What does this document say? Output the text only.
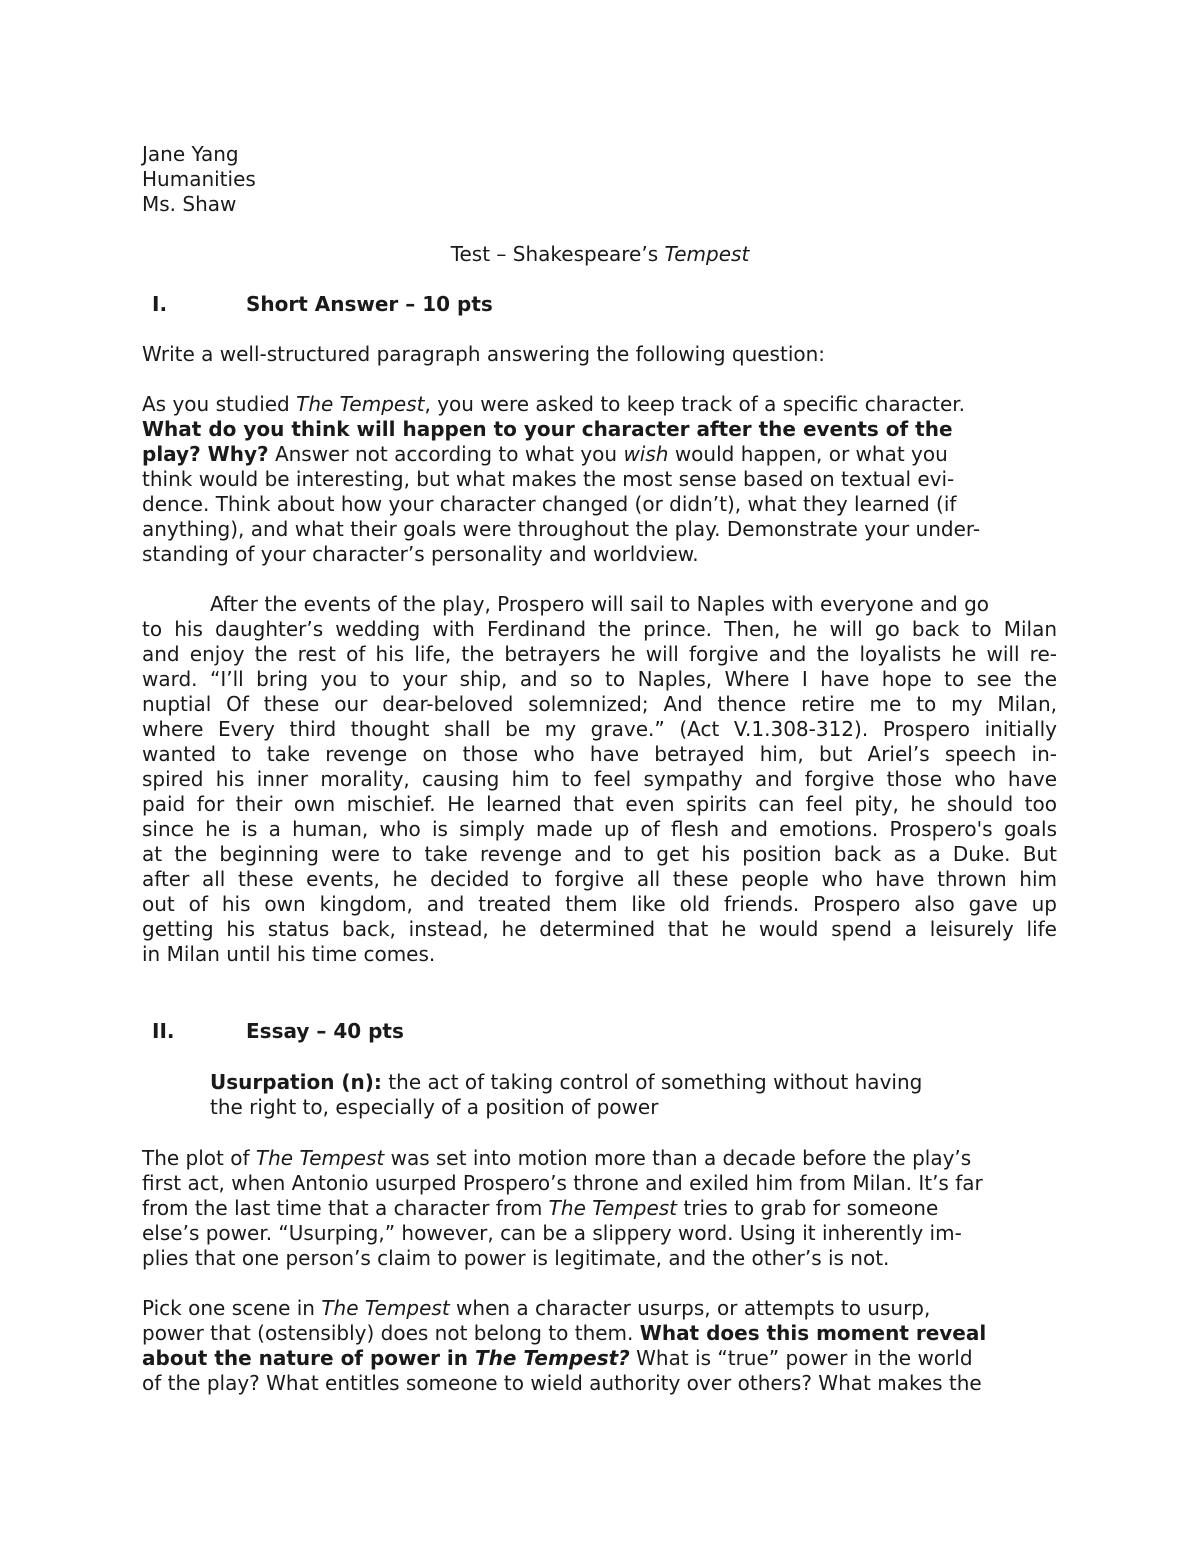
Jane Yang
Humanities
Ms. Shaw
Test – Shakespeare’s Tempest
I.	Short Answer – 10 pts
Write a well-structured paragraph answering the following question:
As you studied The Tempest, you were asked to keep track of a specific character.
What do you think will happen to your character after the events of the
play? Why? Answer not according to what you wish would happen, or what you
think would be interesting, but what makes the most sense based on textual evi-
dence. Think about how your character changed (or didn’t), what they learned (if
anything), and what their goals were throughout the play. Demonstrate your under-
standing of your character’s personality and worldview.
After the events of the play, Prospero will sail to Naples with everyone and go
to his daughter’s wedding with Ferdinand the prince. Then, he will go back to Milan
and enjoy the rest of his life, the betrayers he will forgive and the loyalists he will re-
ward. “I’ll bring you to your ship, and so to Naples, Where I have hope to see the
nuptial Of these our dear-beloved solemnized; And thence retire me to my Milan,
where Every third thought shall be my grave.” (Act V.1.308-312). Prospero initially
wanted to take revenge on those who have betrayed him, but Ariel’s speech in-
spired his inner morality, causing him to feel sympathy and forgive those who have
paid for their own mischief. He learned that even spirits can feel pity, he should too
since he is a human, who is simply made up of flesh and emotions. Prospero's goals
at the beginning were to take revenge and to get his position back as a Duke. But
after all these events, he decided to forgive all these people who have thrown him
out of his own kingdom, and treated them like old friends. Prospero also gave up
getting his status back, instead, he determined that he would spend a leisurely life
in Milan until his time comes.
II.	Essay – 40 pts
Usurpation (n): the act of taking control of something without having
the right to, especially of a position of power
The plot of The Tempest was set into motion more than a decade before the play’s
first act, when Antonio usurped Prospero’s throne and exiled him from Milan. It’s far
from the last time that a character from The Tempest tries to grab for someone
else’s power. “Usurping,” however, can be a slippery word. Using it inherently im-
plies that one person’s claim to power is legitimate, and the other’s is not.
Pick one scene in The Tempest when a character usurps, or attempts to usurp,
power that (ostensibly) does not belong to them. What does this moment reveal
about the nature of power in The Tempest? What is “true” power in the world
of the play? What entitles someone to wield authority over others? What makes the
